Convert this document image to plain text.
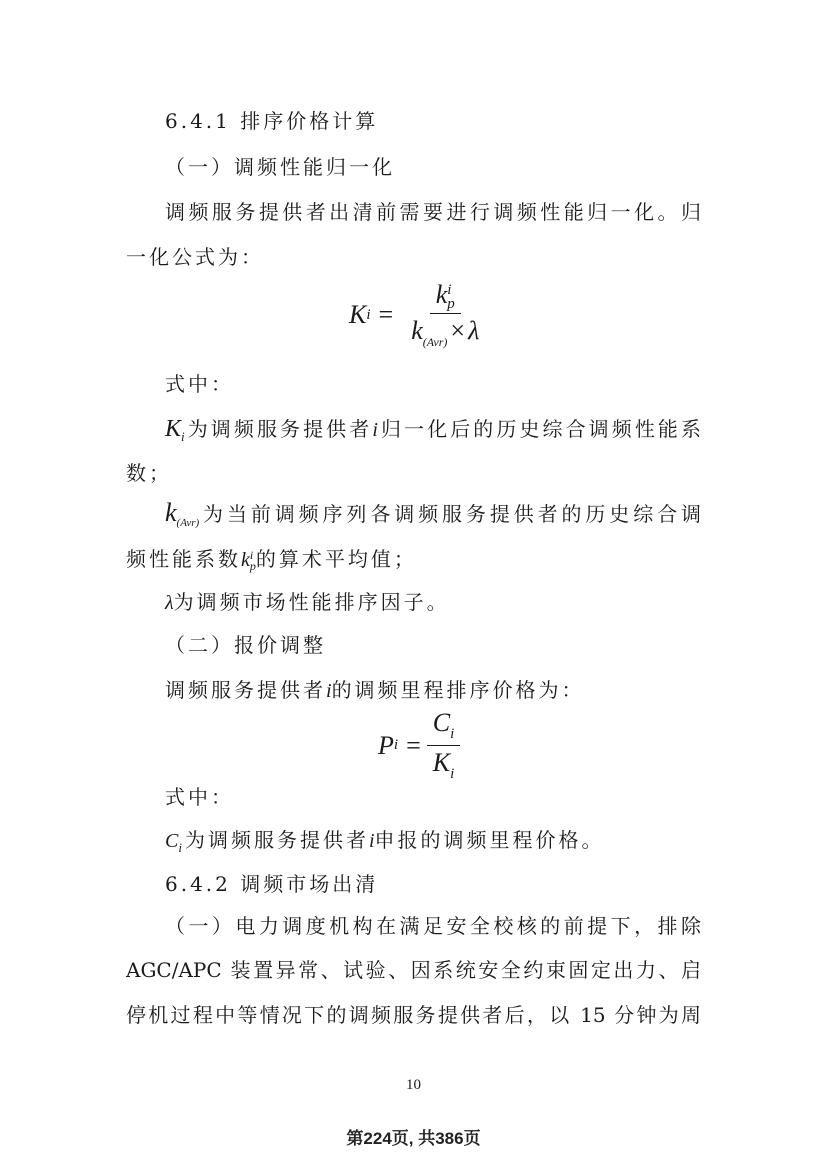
6.4.1 排序价格计算
（一）调频性能归一化
调频服务提供者出清前需要进行调频性能归一化。归
一化公式为：
K i = k i
p
$k_{(Avr)} \times \lambda$
式中：
$K_i$为调频服务提供者i归一化后的历史综合调频性能系
数；
$k_{(Avr)}$为当前调频序列各调频服务提供者的历史综合调
频性能系数k i
p 的算术平均值；
λ为调频市场性能排序因子。
（二）报价调整
调频服务提供者i的调频里程排序价格为：
P $i = \frac{C_i}{K_i}$
式中：
$C_i$为调频服务提供者i申报的调频里程价格。
6.4.2 调频市场出清
（一）电力调度机构在满足安全校核的前提下，排除
AGC/APC 装置异常、试验、因系统安全约束固定出力、启
停机过程中等情况下的调频服务提供者后，以 15 分钟为周
10
第224页, 共386页
